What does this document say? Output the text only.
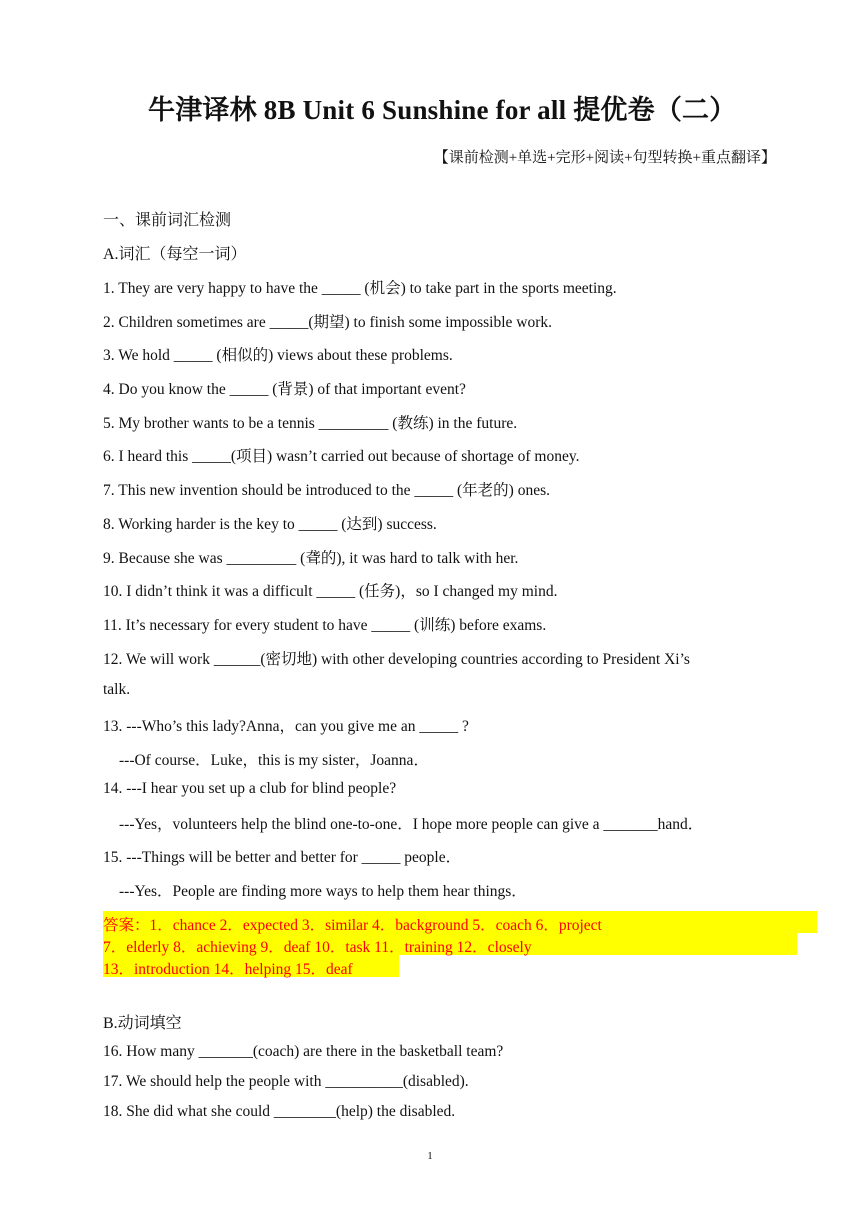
牛津译林 8B Unit 6 Sunshine for all 提优卷（二）
【课前检测+单选+完形+阅读+句型转换+重点翻译】
一、课前词汇检测
A.词汇（每空一词）
1. They are very happy to have the _____ (机会) to take part in the sports meeting.
2. Children sometimes are _____(期望) to finish some impossible work.
3. We hold _____ (相似的) views about these problems.
4. Do you know the _____ (背景) of that important event?
5. My brother wants to be a tennis _________ (教练) in the future.
6. I heard this _____(项目) wasn’t carried out because of shortage of money.
7. This new invention should be introduced to the _____ (年老的) ones.
8. Working harder is the key to _____ (达到) success.
9. Because she was _________ (聋的), it was hard to talk with her.
10. I didn’t think it was a difficult _____ (任务)，so I changed my mind.
11. It’s necessary for every student to have _____ (训练) before exams.
12. We will work ______(密切地) with other developing countries according to President Xi’s
talk.
13. ---Who’s this lady?Anna，can you give me an _____ ?
---Of course．Luke，this is my sister，Joanna．
14. ---I hear you set up a club for blind people?
---Yes，volunteers help the blind one-to-one．I hope more people can give a _______hand．
15. ---Things will be better and better for _____ people．
---Yes．People are finding more ways to help them hear things．
答案：1．chance 2．expected 3．similar 4．background 5．coach 6．project
7．elderly 8．achieving 9．deaf 10．task 11．training 12．closely
13．introduction 14．helping 15．deaf
B.动词填空
16. How many _______(coach) are there in the basketball team?
17. We should help the people with __________(disabled).
18. She did what she could ________(help) the disabled.
1
